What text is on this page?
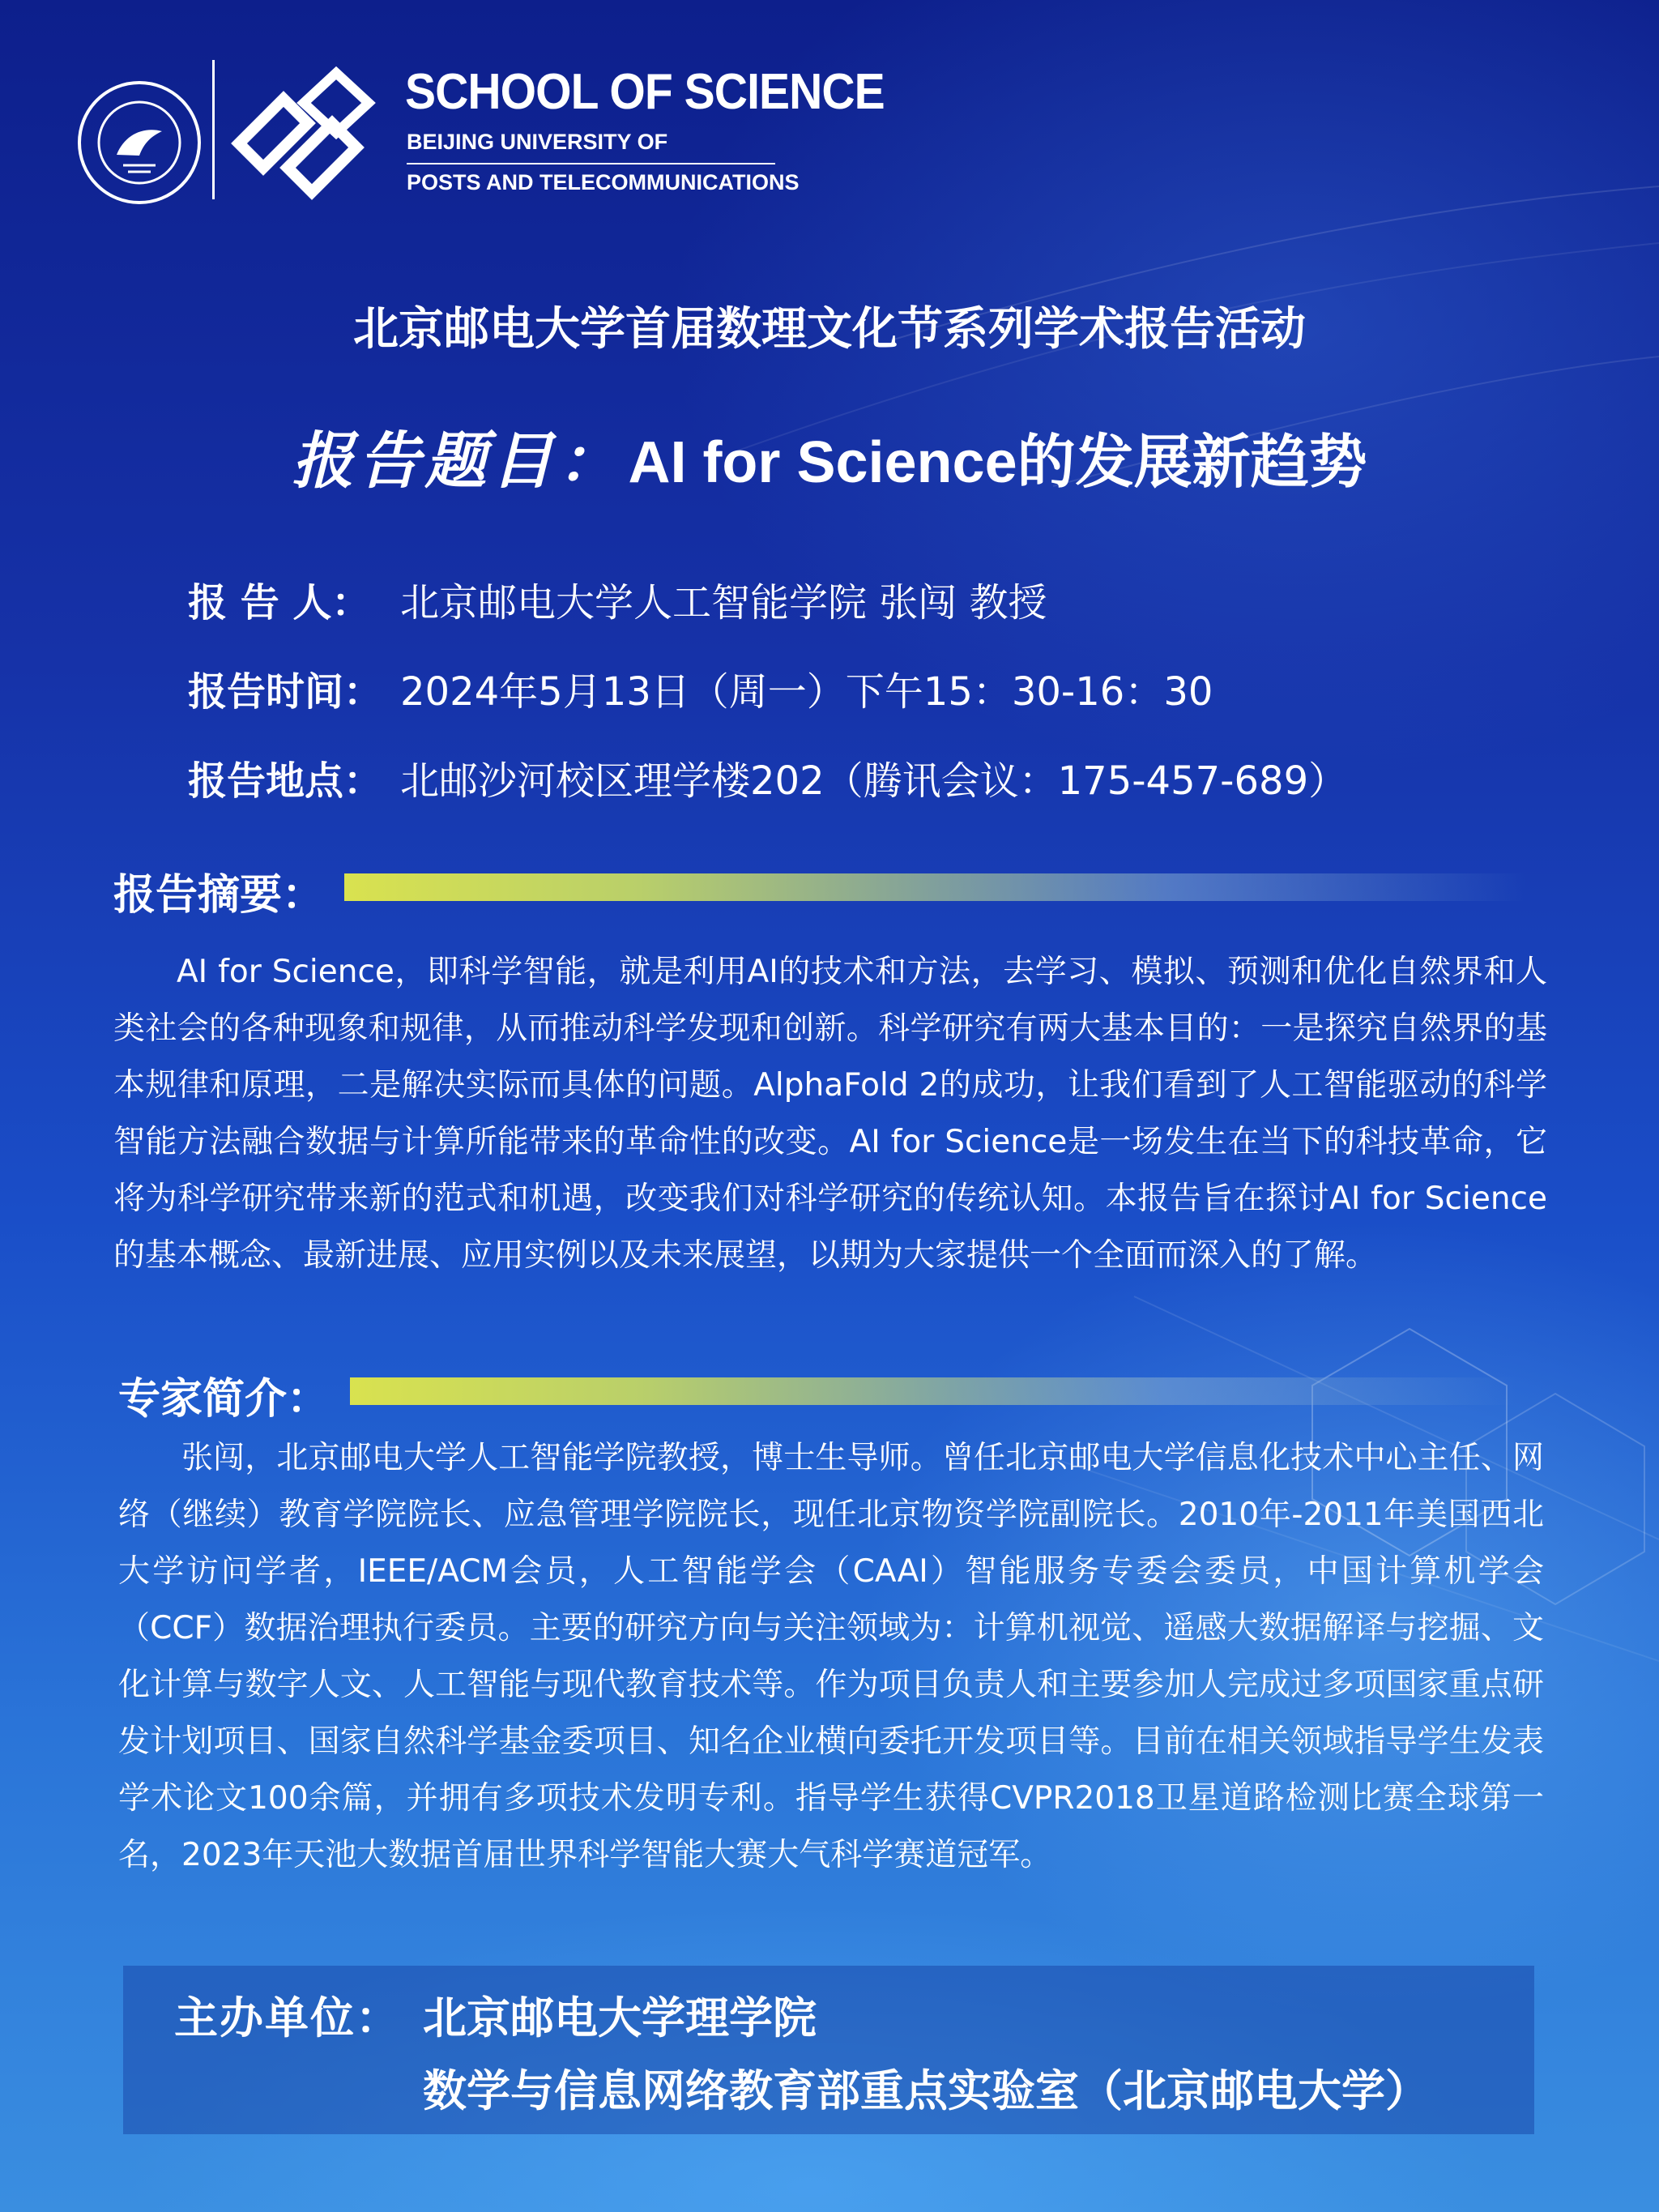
SCHOOL OF SCIENCE
BEIJING UNIVERSITY OF
POSTS AND TELECOMMUNICATIONS
北京邮电大学首届数理文化节系列学术报告活动
报告题目： AI for Science的发展新趋势
报 告 人： 北京邮电大学人工智能学院 张闯 教授
报告时间： 2024年5月13日（周一）下午15：30-16：30
报告地点： 北邮沙河校区理学楼202（腾讯会议：175-457-689）
报告摘要：
AI for Science，即科学智能，就是利用AI的技术和方法，去学习、模拟、预测和优化自然界和人类社会的各种现象和规律，从而推动科学发现和创新。科学研究有两大基本目的：一是探究自然界的基本规律和原理，二是解决实际而具体的问题。AlphaFold 2的成功，让我们看到了人工智能驱动的科学智能方法融合数据与计算所能带来的革命性的改变。AI for Science是一场发生在当下的科技革命，它将为科学研究带来新的范式和机遇，改变我们对科学研究的传统认知。本报告旨在探讨AI for Science的基本概念、最新进展、应用实例以及未来展望，以期为大家提供一个全面而深入的了解。
专家简介：
张闯，北京邮电大学人工智能学院教授，博士生导师。曾任北京邮电大学信息化技术中心主任、网络（继续）教育学院院长、应急管理学院院长，现任北京物资学院副院长。2010年-2011年美国西北大学访问学者，IEEE/ACM会员，人工智能学会（CAAI）智能服务专委会委员，中国计算机学会（CCF）数据治理执行委员。主要的研究方向与关注领域为：计算机视觉、遥感大数据解译与挖掘、文化计算与数字人文、人工智能与现代教育技术等。作为项目负责人和主要参加人完成过多项国家重点研发计划项目、国家自然科学基金委项目、知名企业横向委托开发项目等。目前在相关领域指导学生发表学术论文100余篇，并拥有多项技术发明专利。指导学生获得CVPR2018卫星道路检测比赛全球第一名，2023年天池大数据首届世界科学智能大赛大气科学赛道冠军。
主办单位： 北京邮电大学理学院
数学与信息网络教育部重点实验室（北京邮电大学）
